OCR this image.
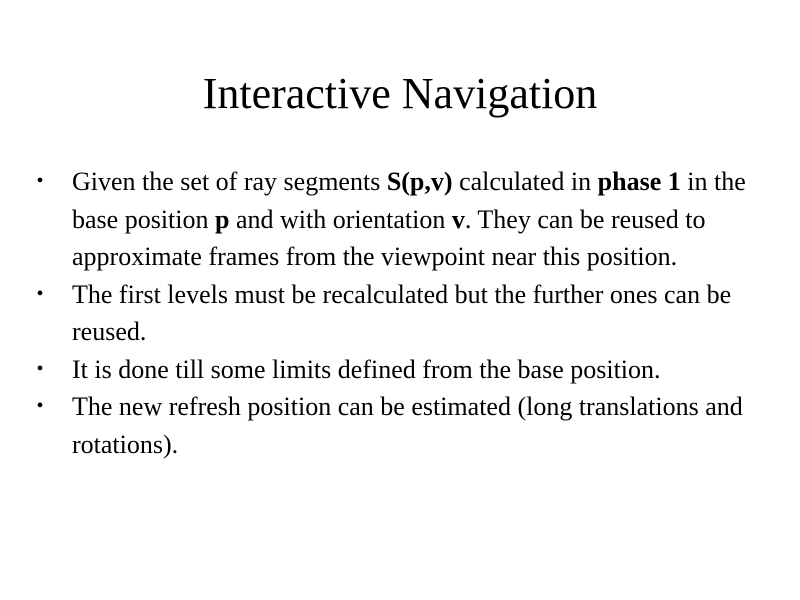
Interactive Navigation
• Given the set of ray segments S(p,v) calculated in phase 1 in the base position p and with orientation v. They can be reused to approximate frames from the viewpoint near this position.
• The first levels must be recalculated but the further ones can be reused.
• It is done till some limits defined from the base position.
• The new refresh position can be estimated (long translations and rotations).
